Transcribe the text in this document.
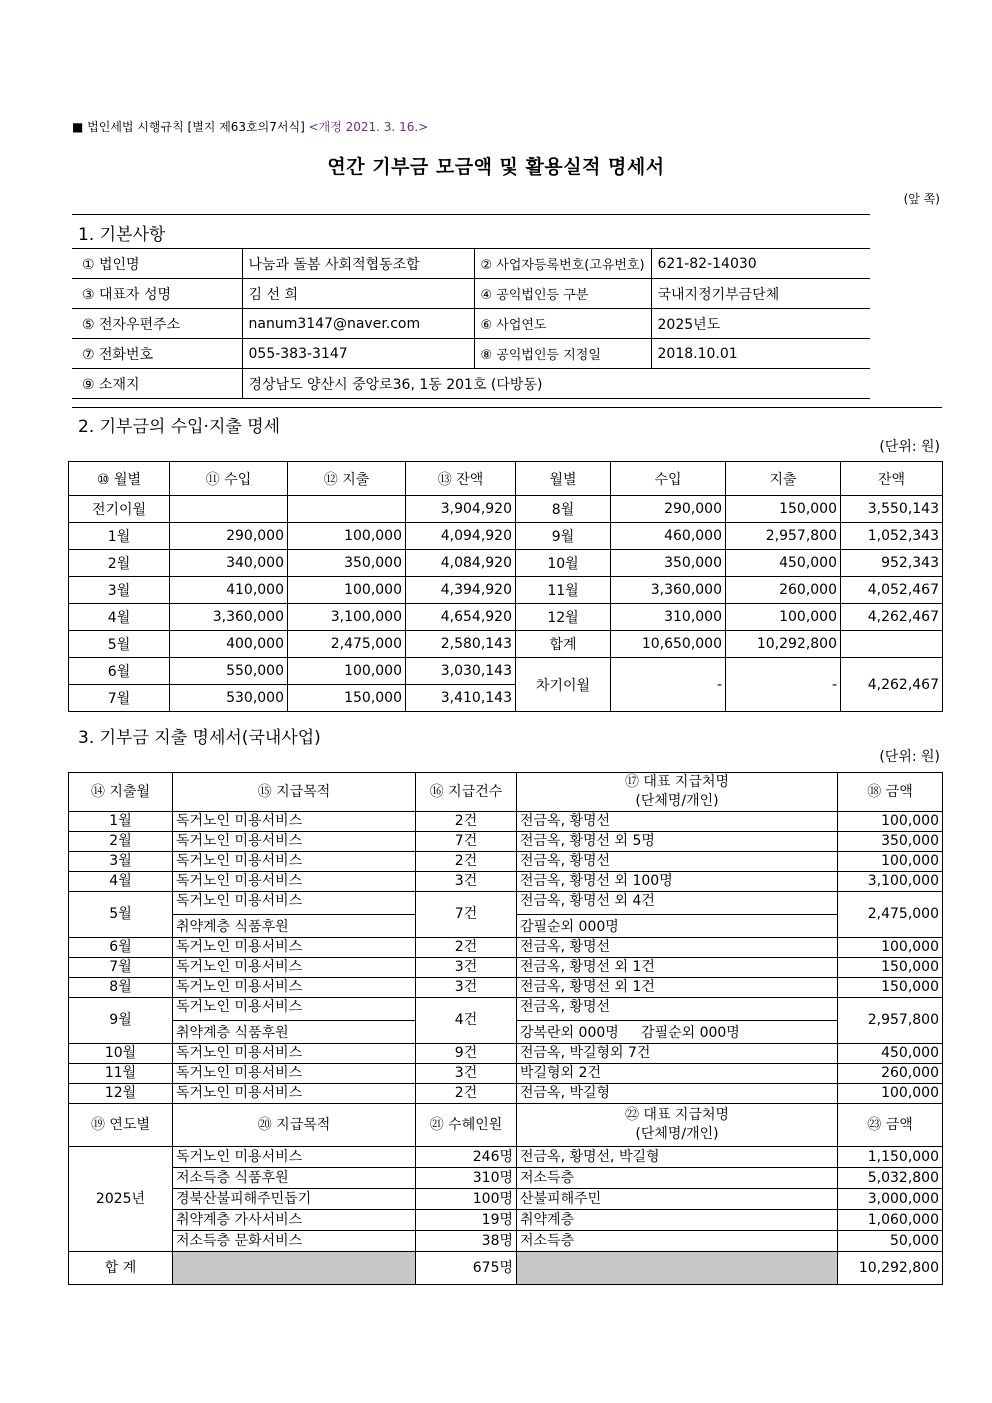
■ 법인세법 시행규칙 [별지 제63호의7서식] <개정 2021. 3. 16.>
연간 기부금 모금액 및 활용실적 명세서
(앞 쪽)
1. 기본사항
① 법인명	나눔과 돌봄 사회적협동조합	② 사업자등록번호(고유번호)	621-82-14030
③ 대표자 성명	김 선 희	④ 공익법인등 구분	국내지정기부금단체
⑤ 전자우편주소	nanum3147@naver.com	⑥ 사업연도	2025년도
⑦ 전화번호	055-383-3147	⑧ 공익법인등 지정일	2018.10.01
⑨ 소재지	경상남도 양산시 중앙로36, 1동 201호 (다방동)		
2. 기부금의 수입·지출 명세
(단위: 원)
⑩ 월별	⑪ 수입	⑫ 지출	⑬ 잔액	월별	수입	지출	잔액
전기이월			3,904,920	8월	290,000	150,000	3,550,143
1월	290,000	100,000	4,094,920	9월	460,000	2,957,800	1,052,343
2월	340,000	350,000	4,084,920	10월	350,000	450,000	952,343
3월	410,000	100,000	4,394,920	11월	3,360,000	260,000	4,052,467
4월	3,360,000	3,100,000	4,654,920	12월	310,000	100,000	4,262,467
5월	400,000	2,475,000	2,580,143	합계	10,650,000	10,292,800	
6월	550,000	100,000	3,030,143	차기이월	-	-	4,262,467
7월	530,000	150,000	3,410,143				
3. 기부금 지출 명세서(국내사업)
(단위: 원)
⑭ 지출월	⑮ 지급목적	⑯ 지급건수	⑰ 대표 지급처명
(단체명/개인)	⑱ 금액
1월	독거노인 미용서비스	2건	전금옥, 황명선	100,000
2월	독거노인 미용서비스	7건	전금옥, 황명선 외 5명	350,000
3월	독거노인 미용서비스	2건	전금옥, 황명선	100,000
4월	독거노인 미용서비스	3건	전금옥, 황명선 외 100명	3,100,000
5월	독거노인 미용서비스	7건	전금옥, 황명선 외 4건	2,475,000
	취약계층 식품후원		감필순외 000명	
6월	독거노인 미용서비스	2건	전금옥, 황명선	100,000
7월	독거노인 미용서비스	3건	전금옥, 황명선 외 1건	150,000
8월	독거노인 미용서비스	3건	전금옥, 황명선 외 1건	150,000
9월	독거노인 미용서비스	4건	전금옥, 황명선	2,957,800
	취약계층 식품후원		강복란외 000명     감필순외 000명	
10월	독거노인 미용서비스	9건	전금옥, 박길형외 7건	450,000
11월	독거노인 미용서비스	3건	박길형외 2건	260,000
12월	독거노인 미용서비스	2건	전금옥, 박길형	100,000
⑲ 연도별	⑳ 지급목적	㉑ 수혜인원	㉒ 대표 지급처명
(단체명/개인)	㉓ 금액
2025년	독거노인 미용서비스	246명	전금옥, 황명선, 박길형	1,150,000
	저소득층 식품후원	310명	저소득층	5,032,800
	경북산불피해주민돕기	100명	산불피해주민	3,000,000
	취약계층 가사서비스	19명	취약계층	1,060,000
	저소득층 문화서비스	38명	저소득층	50,000
합 계		675명		10,292,800
